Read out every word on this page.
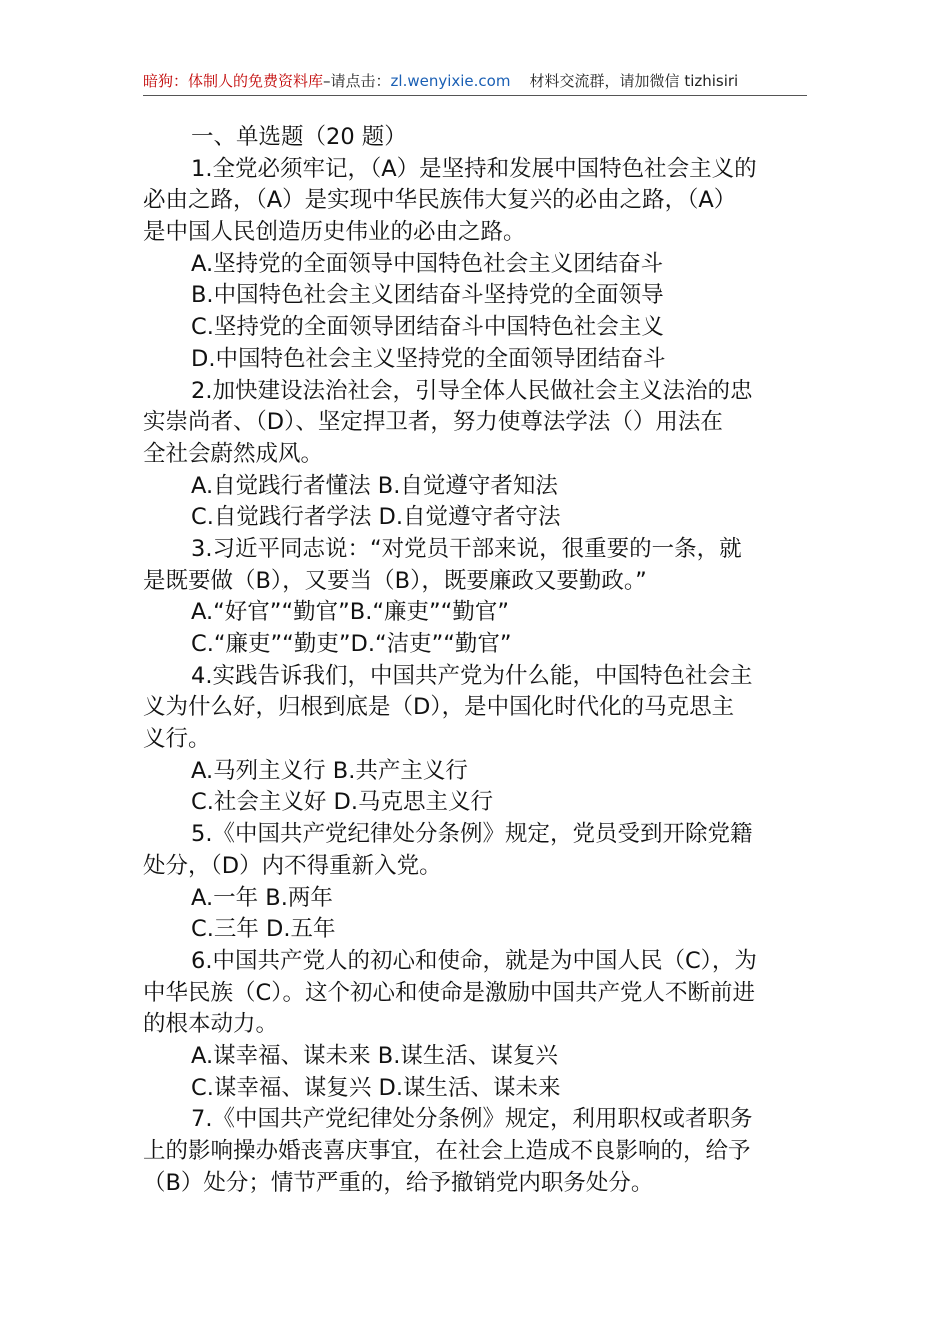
暗狗：体制人的免费资料库–请点击：zl.wenyixie.com 材料交流群，请加微信 tizhisiri
一、单选题（20 题）
1.全党必须牢记，（A）是坚持和发展中国特色社会主义的
必由之路，（A）是实现中华民族伟大复兴的必由之路，（A）
是中国人民创造历史伟业的必由之路。
A.坚持党的全面领导中国特色社会主义团结奋斗
B.中国特色社会主义团结奋斗坚持党的全面领导
C.坚持党的全面领导团结奋斗中国特色社会主义
D.中国特色社会主义坚持党的全面领导团结奋斗
2.加快建设法治社会，引导全体人民做社会主义法治的忠
实崇尚者、（D）、坚定捍卫者，努力使尊法学法（）用法在
全社会蔚然成风。
A.自觉践行者懂法 B.自觉遵守者知法
C.自觉践行者学法 D.自觉遵守者守法
3.习近平同志说：“对党员干部来说，很重要的一条，就
是既要做（B），又要当（B），既要廉政又要勤政。”
A.“好官”“勤官”B.“廉吏”“勤官”
C.“廉吏”“勤吏”D.“洁吏”“勤官”
4.实践告诉我们，中国共产党为什么能，中国特色社会主
义为什么好，归根到底是（D），是中国化时代化的马克思主
义行。
A.马列主义行 B.共产主义行
C.社会主义好 D.马克思主义行
5.《中国共产党纪律处分条例》规定，党员受到开除党籍
处分，（D）内不得重新入党。
A.一年 B.两年
C.三年 D.五年
6.中国共产党人的初心和使命，就是为中国人民（C），为
中华民族（C）。这个初心和使命是激励中国共产党人不断前进
的根本动力。
A.谋幸福、谋未来 B.谋生活、谋复兴
C.谋幸福、谋复兴 D.谋生活、谋未来
7.《中国共产党纪律处分条例》规定，利用职权或者职务
上的影响操办婚丧喜庆事宜，在社会上造成不良影响的，给予
（B）处分；情节严重的，给予撤销党内职务处分。
